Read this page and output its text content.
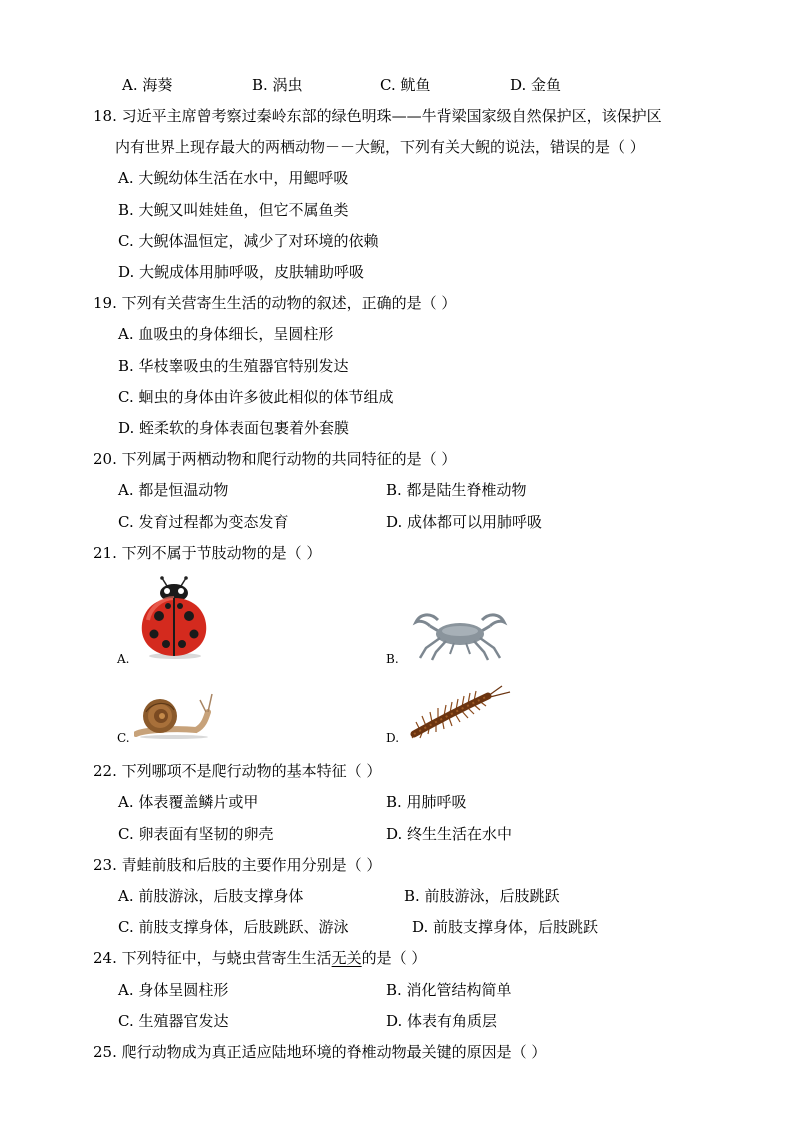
A. 海葵	B. 涡虫	C. 鱿鱼	D. 金鱼
18. 习近平主席曾考察过秦岭东部的绿色明珠——牛背梁国家级自然保护区，该保护区
内有世界上现存最大的两栖动物－－大鲵，下列有关大鲵的说法，错误的是（ ）
A. 大鲵幼体生活在水中，用鳃呼吸
B. 大鲵又叫娃娃鱼，但它不属鱼类
C. 大鲵体温恒定，减少了对环境的依赖
D. 大鲵成体用肺呼吸，皮肤辅助呼吸
19. 下列有关营寄生生活的动物的叙述，正确的是（ ）
A. 血吸虫的身体细长，呈圆柱形
B. 华枝睾吸虫的生殖器官特别发达
C. 蛔虫的身体由许多彼此相似的体节组成
D. 蛭柔软的身体表面包裹着外套膜
20. 下列属于两栖动物和爬行动物的共同特征的是（ ）
A. 都是恒温动物	B. 都是陆生脊椎动物
C. 发育过程都为变态发育	D. 成体都可以用肺呼吸
21. 下列不属于节肢动物的是（ ）
A.	B.
C.	D.
22. 下列哪项不是爬行动物的基本特征（ ）
A. 体表覆盖鳞片或甲	B. 用肺呼吸
C. 卵表面有坚韧的卵壳	D. 终生生活在水中
23. 青蛙前肢和后肢的主要作用分别是（ ）
A. 前肢游泳，后肢支撑身体	B. 前肢游泳，后肢跳跃
C. 前肢支撑身体，后肢跳跃、游泳	D. 前肢支撑身体，后肢跳跃
24. 下列特征中，与蛲虫营寄生生活无关的是（ ）
A. 身体呈圆柱形	B. 消化管结构简单
C. 生殖器官发达	D. 体表有角质层
25. 爬行动物成为真正适应陆地环境的脊椎动物最关键的原因是（ ）
